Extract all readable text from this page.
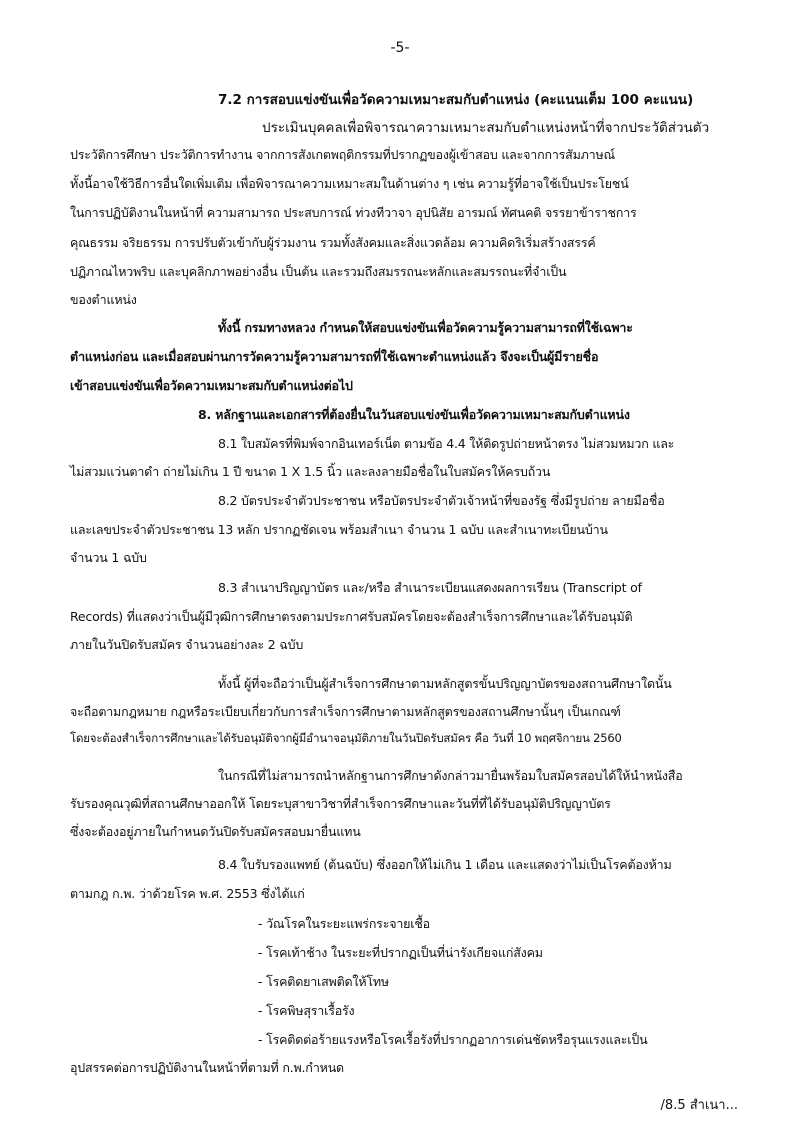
-5-
7.2 การสอบแข่งขันเพื่อวัดความเหมาะสมกับตำแหน่ง (คะแนนเต็ม 100 คะแนน)
ประเมินบุคคลเพื่อพิจารณาความเหมาะสมกับตำแหน่งหน้าที่จากประวัติส่วนตัว
ประวัติการศึกษา ประวัติการทำงาน จากการสังเกตพฤติกรรมที่ปรากฏของผู้เข้าสอบ และจากการสัมภาษณ์
ทั้งนี้อาจใช้วิธีการอื่นใดเพิ่มเติม เพื่อพิจารณาความเหมาะสมในด้านต่าง ๆ เช่น ความรู้ที่อาจใช้เป็นประโยชน์
ในการปฏิบัติงานในหน้าที่ ความสามารถ ประสบการณ์ ท่วงทีวาจา อุปนิสัย อารมณ์ ทัศนคติ จรรยาข้าราชการ
คุณธรรม จริยธรรม การปรับตัวเข้ากับผู้ร่วมงาน รวมทั้งสังคมและสิ่งแวดล้อม ความคิดริเริ่มสร้างสรรค์
ปฏิภาณไหวพริบ และบุคลิกภาพอย่างอื่น เป็นต้น และรวมถึงสมรรถนะหลักและสมรรถนะที่จำเป็น
ของตำแหน่ง
ทั้งนี้ กรมทางหลวง กำหนดให้สอบแข่งขันเพื่อวัดความรู้ความสามารถที่ใช้เฉพาะ
ตำแหน่งก่อน และเมื่อสอบผ่านการวัดความรู้ความสามารถที่ใช้เฉพาะตำแหน่งแล้ว จึงจะเป็นผู้มีรายชื่อ
เข้าสอบแข่งขันเพื่อวัดความเหมาะสมกับตำแหน่งต่อไป
8. หลักฐานและเอกสารที่ต้องยื่นในวันสอบแข่งขันเพื่อวัดความเหมาะสมกับตำแหน่ง
8.1 ใบสมัครที่พิมพ์จากอินเทอร์เน็ต ตามข้อ 4.4 ให้ติดรูปถ่ายหน้าตรง ไม่สวมหมวก และ
ไม่สวมแว่นตาดำ ถ่ายไม่เกิน 1 ปี ขนาด 1 X 1.5 นิ้ว และลงลายมือชื่อในใบสมัครให้ครบถ้วน
8.2 บัตรประจำตัวประชาชน หรือบัตรประจำตัวเจ้าหน้าที่ของรัฐ ซึ่งมีรูปถ่าย ลายมือชื่อ
และเลขประจำตัวประชาชน 13 หลัก ปรากฏชัดเจน พร้อมสำเนา จำนวน 1 ฉบับ และสำเนาทะเบียนบ้าน
จำนวน 1 ฉบับ
8.3 สำเนาปริญญาบัตร และ/หรือ สำเนาระเบียนแสดงผลการเรียน (Transcript of
Records) ที่แสดงว่าเป็นผู้มีวุฒิการศึกษาตรงตามประกาศรับสมัครโดยจะต้องสำเร็จการศึกษาและได้รับอนุมัติ
ภายในวันปิดรับสมัคร จำนวนอย่างละ 2 ฉบับ
ทั้งนี้ ผู้ที่จะถือว่าเป็นผู้สำเร็จการศึกษาตามหลักสูตรขั้นปริญญาบัตรของสถานศึกษาใดนั้น
จะถือตามกฎหมาย กฎหรือระเบียบเกี่ยวกับการสำเร็จการศึกษาตามหลักสูตรของสถานศึกษานั้นๆ เป็นเกณฑ์
โดยจะต้องสำเร็จการศึกษาและได้รับอนุมัติจากผู้มีอำนาจอนุมัติภายในวันปิดรับสมัคร คือ วันที่ 10 พฤศจิกายน 2560
ในกรณีที่ไม่สามารถนำหลักฐานการศึกษาดังกล่าวมายื่นพร้อมใบสมัครสอบได้ให้นำหนังสือ
รับรองคุณวุฒิที่สถานศึกษาออกให้ โดยระบุสาขาวิชาที่สำเร็จการศึกษาและวันที่ที่ได้รับอนุมัติปริญญาบัตร
ซึ่งจะต้องอยู่ภายในกำหนดวันปิดรับสมัครสอบมายื่นแทน
8.4 ใบรับรองแพทย์ (ต้นฉบับ) ซึ่งออกให้ไม่เกิน 1 เดือน และแสดงว่าไม่เป็นโรคต้องห้าม
ตามกฎ ก.พ. ว่าด้วยโรค พ.ศ. 2553 ซึ่งได้แก่
- วัณโรคในระยะแพร่กระจายเชื้อ
- โรคเท้าช้าง ในระยะที่ปรากฏเป็นที่น่ารังเกียจแก่สังคม
- โรคติดยาเสพติดให้โทษ
- โรคพิษสุราเรื้อรัง
- โรคติดต่อร้ายแรงหรือโรคเรื้อรังที่ปรากฏอาการเด่นชัดหรือรุนแรงและเป็น
อุปสรรคต่อการปฏิบัติงานในหน้าที่ตามที่ ก.พ.กำหนด
/8.5 สำเนา...
